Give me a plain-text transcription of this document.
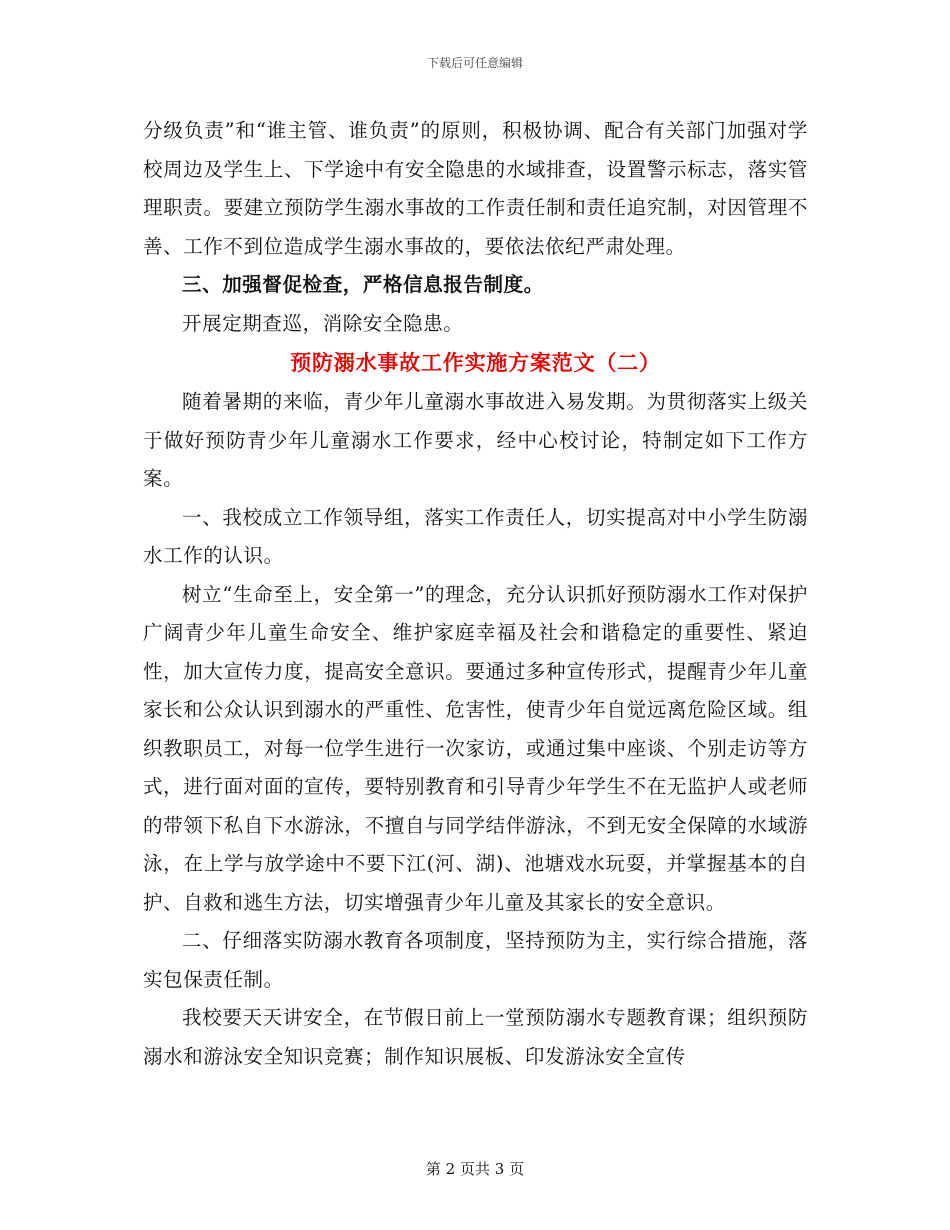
下载后可任意编辑

分级负责”和“谁主管、谁负责”的原则，积极协调、配合有关部门加强对学校周边及学生上、下学途中有安全隐患的水域排查，设置警示标志，落实管理职责。要建立预防学生溺水事故的工作责任制和责任追究制，对因管理不善、工作不到位造成学生溺水事故的，要依法依纪严肃处理。

三、加强督促检查，严格信息报告制度。

开展定期查巡，消除安全隐患。

预防溺水事故工作实施方案范文（二）

随着暑期的来临，青少年儿童溺水事故进入易发期。为贯彻落实上级关于做好预防青少年儿童溺水工作要求，经中心校讨论，特制定如下工作方案。

一、我校成立工作领导组，落实工作责任人，切实提高对中小学生防溺水工作的认识。

树立“生命至上，安全第一”的理念，充分认识抓好预防溺水工作对保护广阔青少年儿童生命安全、维护家庭幸福及社会和谐稳定的重要性、紧迫性，加大宣传力度，提高安全意识。要通过多种宣传形式，提醒青少年儿童家长和公众认识到溺水的严重性、危害性，使青少年自觉远离危险区域。组织教职员工，对每一位学生进行一次家访，或通过集中座谈、个别走访等方式，进行面对面的宣传，要特别教育和引导青少年学生不在无监护人或老师的带领下私自下水游泳，不擅自与同学结伴游泳，不到无安全保障的水域游泳，在上学与放学途中不要下江(河、湖)、池塘戏水玩耍，并掌握基本的自护、自救和逃生方法，切实增强青少年儿童及其家长的安全意识。

二、仔细落实防溺水教育各项制度，坚持预防为主，实行综合措施，落实包保责任制。

我校要天天讲安全，在节假日前上一堂预防溺水专题教育课；组织预防溺水和游泳安全知识竞赛；制作知识展板、印发游泳安全宣传

第 2 页共 3 页
